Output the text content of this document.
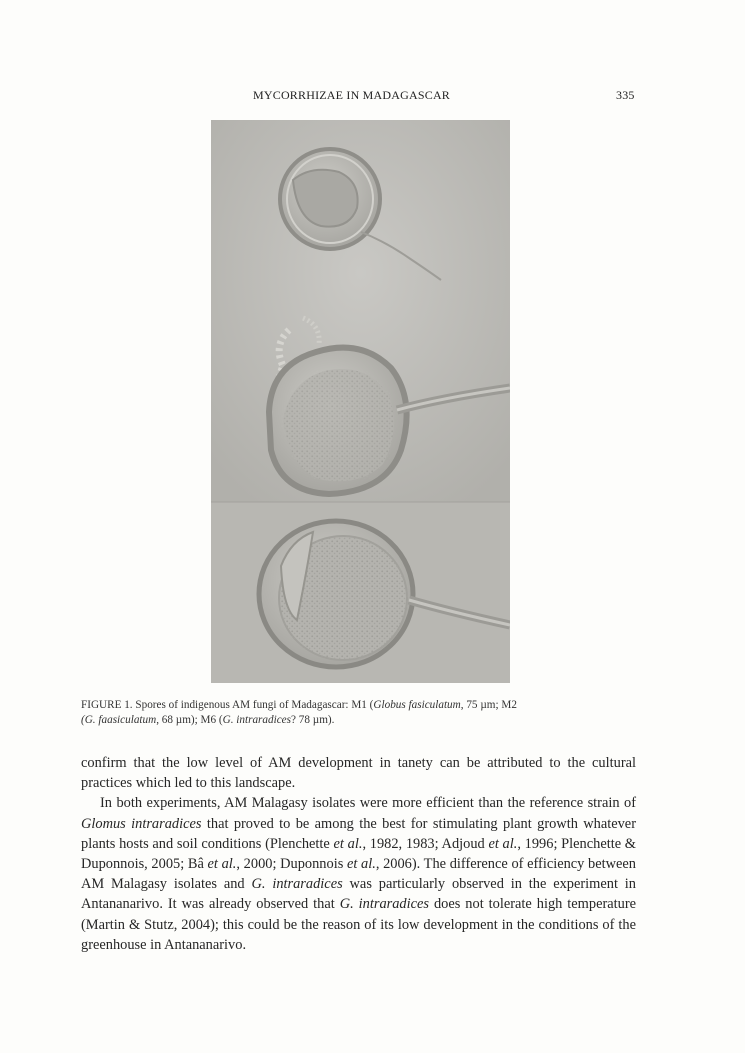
MYCORRHIZAE IN MADAGASCAR	335
FIGURE 1. Spores of indigenous AM fungi of Madagascar: M1 (Globus fasiculatum, 75 µm; M2
(G. faasiculatum, 68 µm); M6 (G. intraradices? 78 µm).

confirm that the low level of AM development in tanety can be attributed to the cultural practices which led to this landscape.

In both experiments, AM Malagasy isolates were more efficient than the reference strain of Glomus intraradices that proved to be among the best for stimulating plant growth whatever plants hosts and soil conditions (Plenchette et al., 1982, 1983; Adjoud et al., 1996; Plenchette & Duponnois, 2005; Bâ et al., 2000; Duponnois et al., 2006). The difference of efficiency between AM Malagasy isolates and G. intraradices was particularly observed in the experiment in Antananarivo. It was already observed that G. intraradices does not tolerate high temperature (Martin & Stutz, 2004); this could be the reason of its low development in the conditions of the greenhouse in Antananarivo.
